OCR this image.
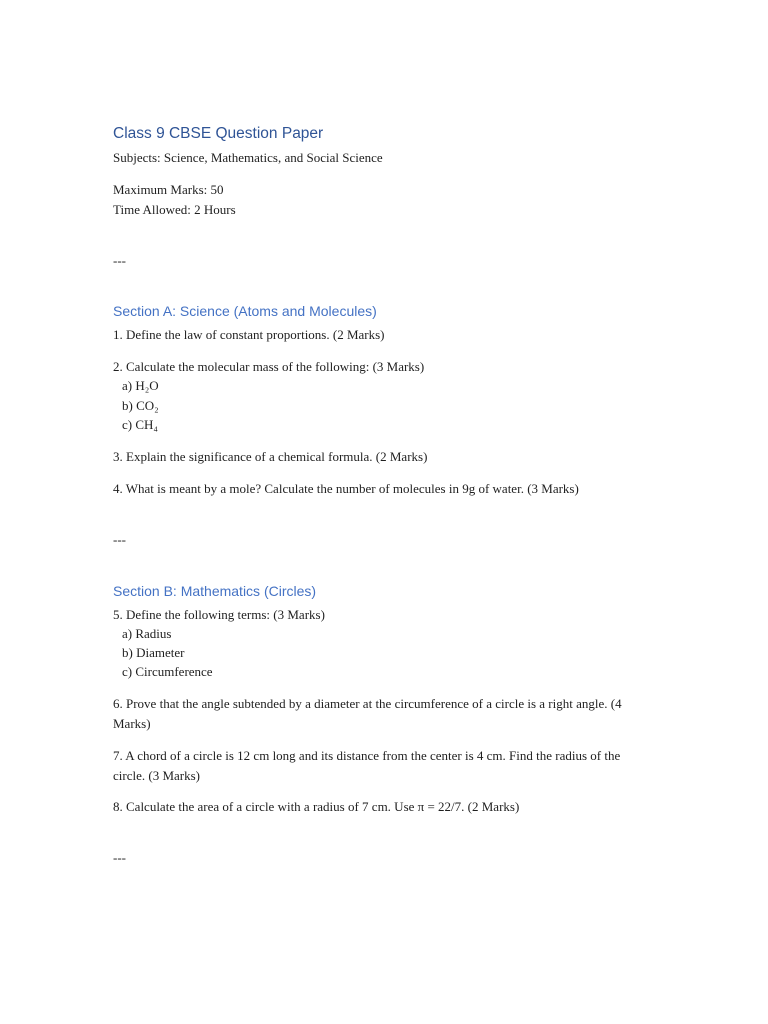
Class 9 CBSE Question Paper
Subjects: Science, Mathematics, and Social Science
Maximum Marks: 50
Time Allowed: 2 Hours
---
Section A: Science (Atoms and Molecules)
1. Define the law of constant proportions. (2 Marks)
2. Calculate the molecular mass of the following: (3 Marks)
a) H₂O
b) CO₂
c) CH₄
3. Explain the significance of a chemical formula. (2 Marks)
4. What is meant by a mole? Calculate the number of molecules in 9g of water. (3 Marks)
---
Section B: Mathematics (Circles)
5. Define the following terms: (3 Marks)
a) Radius
b) Diameter
c) Circumference
6. Prove that the angle subtended by a diameter at the circumference of a circle is a right angle. (4 Marks)
7. A chord of a circle is 12 cm long and its distance from the center is 4 cm. Find the radius of the circle. (3 Marks)
8. Calculate the area of a circle with a radius of 7 cm. Use π = 22/7. (2 Marks)
---
